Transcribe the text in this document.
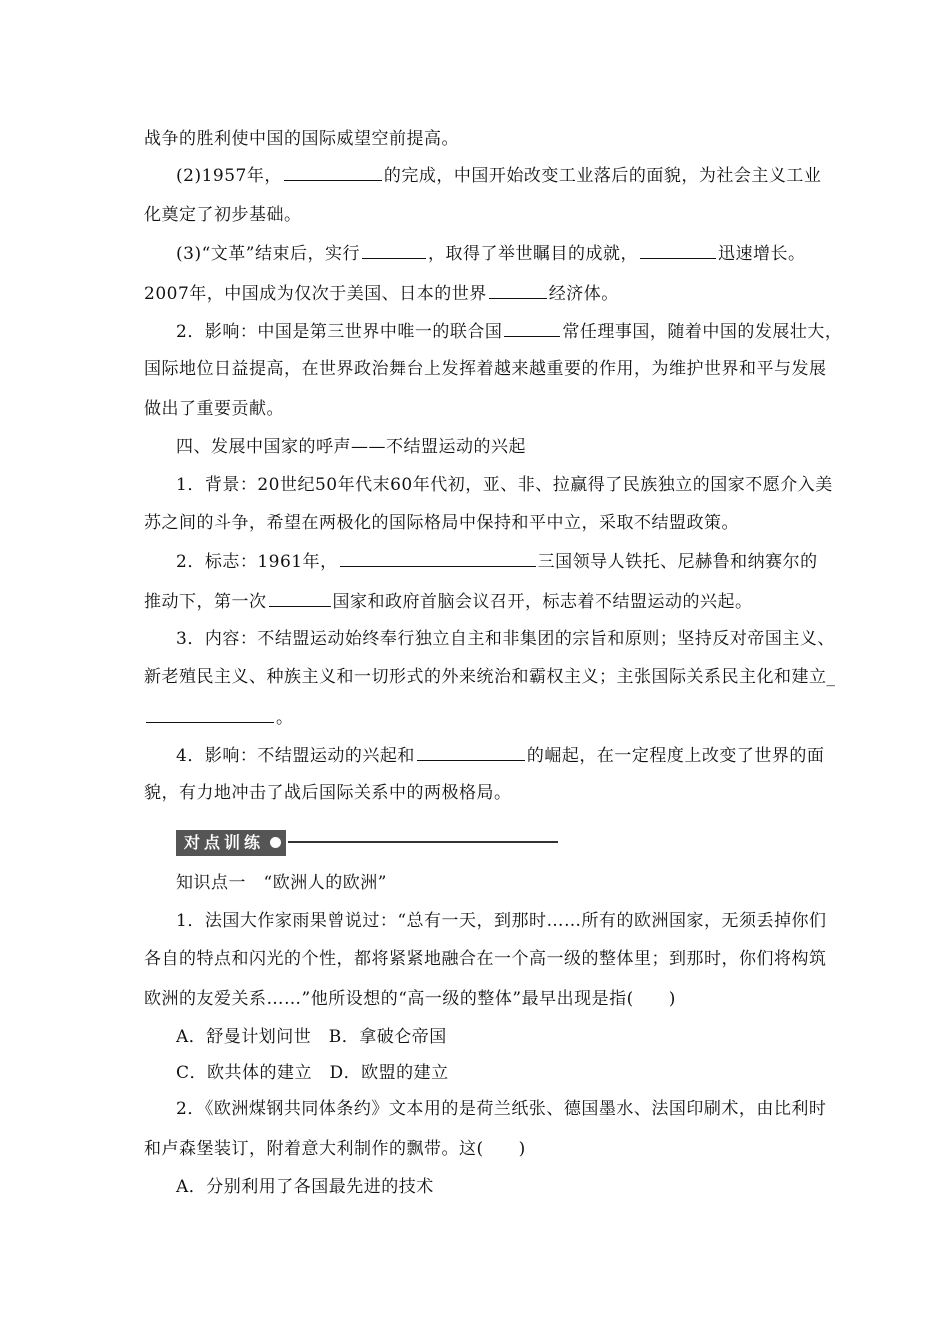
战争的胜利使中国的国际威望空前提高。
(2)1957年，	的完成，中国开始改变工业落后的面貌，为社会主义工业
化奠定了初步基础。
(3)“文革”结束后，实行	，取得了举世瞩目的成就，	迅速增长。
2007年，中国成为仅次于美国、日本的世界	经济体。
2．影响：中国是第三世界中唯一的联合国	常任理事国，随着中国的发展壮大，
国际地位日益提高，在世界政治舞台上发挥着越来越重要的作用，为维护世界和平与发展
做出了重要贡献。
四、发展中国家的呼声——不结盟运动的兴起
1．背景：20世纪50年代末60年代初，亚、非、拉赢得了民族独立的国家不愿介入美
苏之间的斗争，希望在两极化的国际格局中保持和平中立，采取不结盟政策。
2．标志：1961年，	三国领导人铁托、尼赫鲁和纳赛尔的
推动下，第一次	国家和政府首脑会议召开，标志着不结盟运动的兴起。
3．内容：不结盟运动始终奉行独立自主和非集团的宗旨和原则；坚持反对帝国主义、
新老殖民主义、种族主义和一切形式的外来统治和霸权主义；主张国际关系民主化和建立_
。
4．影响：不结盟运动的兴起和	的崛起，在一定程度上改变了世界的面
貌，有力地冲击了战后国际关系中的两极格局。
对点训练
知识点一　“欧洲人的欧洲”
1．法国大作家雨果曾说过：“总有一天，到那时……所有的欧洲国家，无须丢掉你们
各自的特点和闪光的个性，都将紧紧地融合在一个高一级的整体里；到那时，你们将构筑
欧洲的友爱关系……”他所设想的“高一级的整体”最早出现是指(　　)
A．舒曼计划问世　B．拿破仑帝国
C．欧共体的建立　D．欧盟的建立
2．《欧洲煤钢共同体条约》文本用的是荷兰纸张、德国墨水、法国印刷术，由比利时
和卢森堡装订，附着意大利制作的飘带。这(　　)
A．分别利用了各国最先进的技术
